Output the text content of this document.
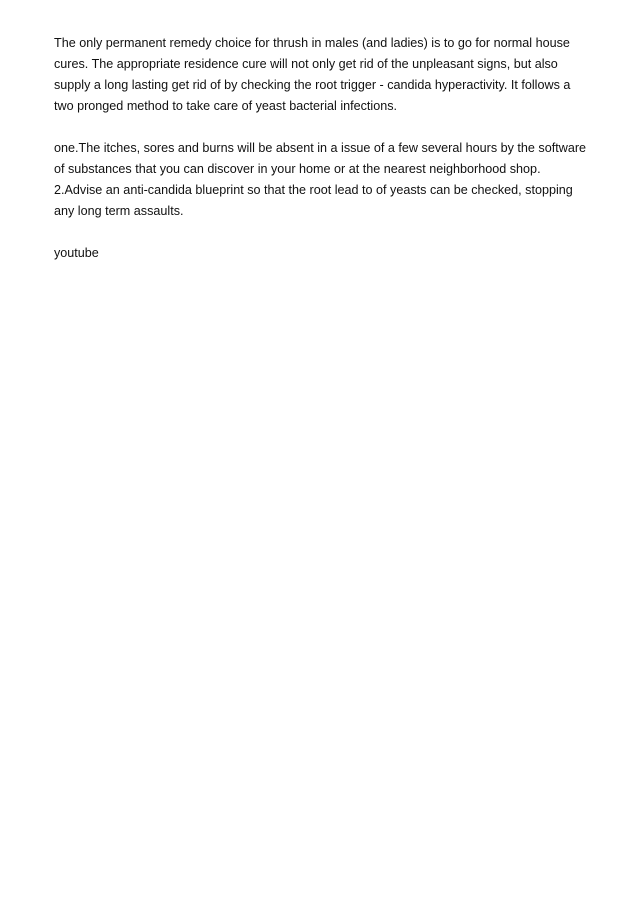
The only permanent remedy choice for thrush in males (and ladies) is to go for normal house cures. The appropriate residence cure will not only get rid of the unpleasant signs, but also supply a long lasting get rid of by checking the root trigger - candida hyperactivity. It follows a two pronged method to take care of yeast bacterial infections.

one.The itches, sores and burns will be absent in a issue of a few several hours by the software of substances that you can discover in your home or at the nearest neighborhood shop.

2.Advise an anti-candida blueprint so that the root lead to of yeasts can be checked, stopping any long term assaults.

youtube
